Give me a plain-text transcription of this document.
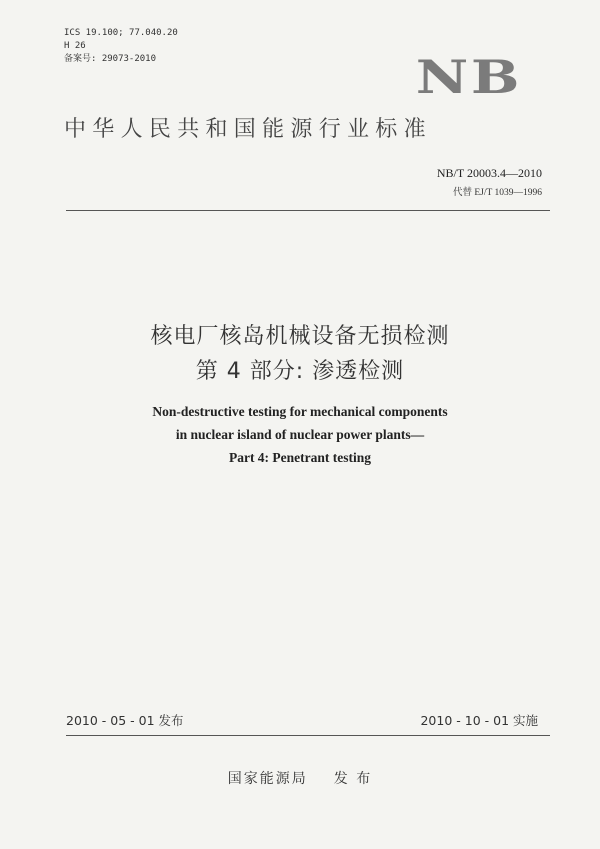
ICS 19.100; 77.040.20
H 26
备案号: 29073-2010	NB
中华人民共和国能源行业标准
NB/T 20003.4—2010
代替 EJ/T 1039—1996
核电厂核岛机械设备无损检测
第 4 部分: 渗透检测
Non-destructive testing for mechanical components
in nuclear island of nuclear power plants—
Part 4: Penetrant testing
2010 - 05 - 01 发布	2010 - 10 - 01 实施
国家能源局 发 布
